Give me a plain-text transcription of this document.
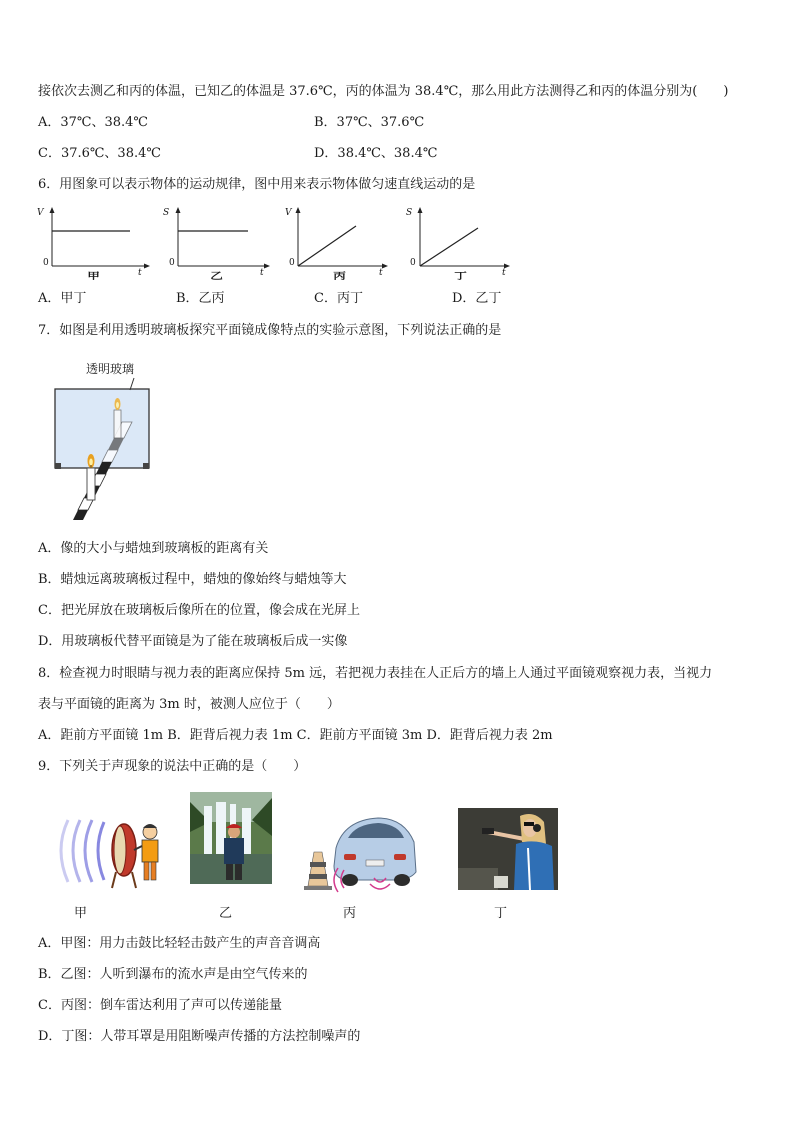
接依次去测乙和丙的体温，已知乙的体温是 37.6℃，丙的体温为 38.4℃，那么用此方法测得乙和丙的体温分别为(　　)
A．37℃、38.4℃	B．37℃、37.6℃
C．37.6℃、38.4℃	D．38.4℃、38.4℃
6．用图象可以表示物体的运动规律，图中用来表示物体做匀速直线运动的是
V
0
t
甲
S
0
t
乙
V
0
t
丙
S
0
t
丁
A．甲丁	B．乙丙	C．丙丁	D．乙丁
7．如图是利用透明玻璃板探究平面镜成像特点的实验示意图，下列说法正确的是
透明玻璃
A．像的大小与蜡烛到玻璃板的距离有关
B．蜡烛远离玻璃板过程中，蜡烛的像始终与蜡烛等大
C．把光屏放在玻璃板后像所在的位置，像会成在光屏上
D．用玻璃板代替平面镜是为了能在玻璃板后成一实像
8．检查视力时眼睛与视力表的距离应保持 5m 远，若把视力表挂在人正后方的墙上人通过平面镜观察视力表，当视力
表与平面镜的距离为 3m 时，被测人应位于（　　）
A．距前方平面镜 1m B．距背后视力表 1m C．距前方平面镜 3m D．距背后视力表 2m
9．下列关于声现象的说法中正确的是（　　）
甲	乙	丙	丁
A．甲图：用力击鼓比轻轻击鼓产生的声音音调高
B．乙图：人听到瀑布的流水声是由空气传来的
C．丙图：倒车雷达利用了声可以传递能量
D．丁图：人带耳罩是用阻断噪声传播的方法控制噪声的
